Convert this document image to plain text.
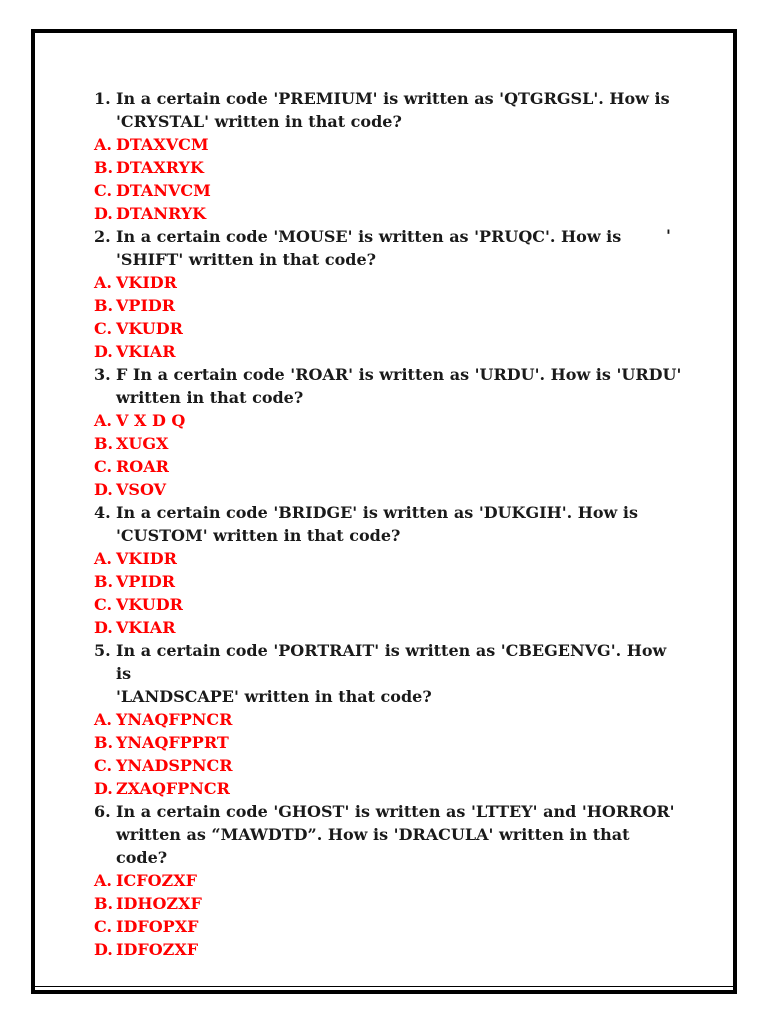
'
1. In a certain code 'PREMIUM' is written as 'QTGRGSL'. How is
'CRYSTAL' written in that code?
A. DTAXVCM
B. DTAXRYK
C. DTANVCM
D. DTANRYK
2. In a certain code 'MOUSE' is written as 'PRUQC'. How is
'SHIFT' written in that code?
A. VKIDR
B. VPIDR
C. VKUDR
D. VKIAR
3. F In a certain code 'ROAR' is written as 'URDU'. How is 'URDU'
written in that code?
A. V X D Q
B. XUGX
C. ROAR
D. VSOV
4. In a certain code 'BRIDGE' is written as 'DUKGIH'. How is
'CUSTOM' written in that code?
A. VKIDR
B. VPIDR
C. VKUDR
D. VKIAR
5. In a certain code 'PORTRAIT' is written as 'CBEGENVG'. How is
'LANDSCAPE' written in that code?
A. YNAQFPNCR
B. YNAQFPPRT
C. YNADSPNCR
D. ZXAQFPNCR
6. In a certain code 'GHOST' is written as 'LTTEY' and 'HORROR'
written as “MAWDTD”. How is 'DRACULA' written in that code?
A. ICFOZXF
B. IDHOZXF
C. IDFOPXF
D. IDFOZXF
